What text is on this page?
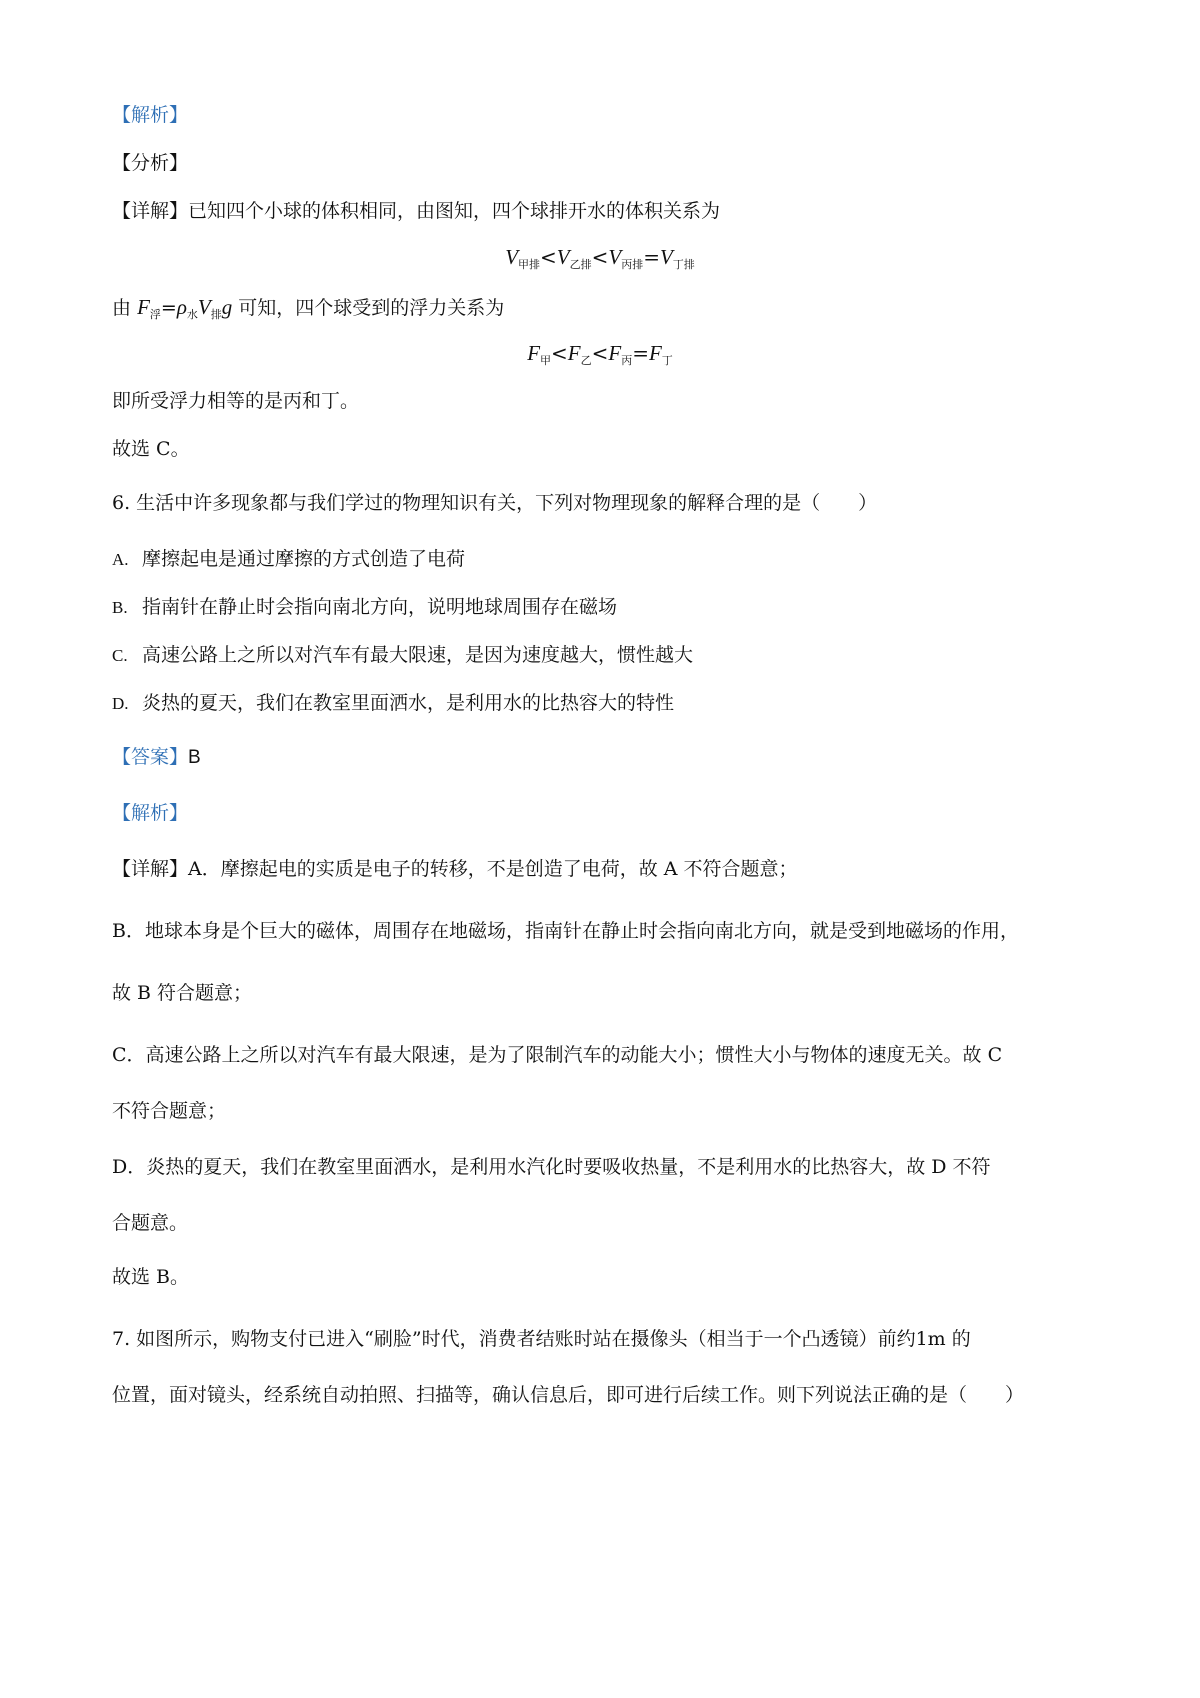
【解析】
【分析】
【详解】已知四个小球的体积相同，由图知，四个球排开水的体积关系为
$V_{甲排}<V_{乙排}<V_{丙排}=V_{丁排}$
由 $F_浮=\rho_水V_排g$ 可知，四个球受到的浮力关系为
$F_甲<F_乙<F_丙=F_丁$
即所受浮力相等的是丙和丁。
故选 C。
6. 生活中许多现象都与我们学过的物理知识有关，下列对物理现象的解释合理的是（　　）
A. 摩擦起电是通过摩擦的方式创造了电荷
B. 指南针在静止时会指向南北方向，说明地球周围存在磁场
C. 高速公路上之所以对汽车有最大限速，是因为速度越大，惯性越大
D. 炎热的夏天，我们在教室里面洒水，是利用水的比热容大的特性
【答案】B
【解析】
【详解】A．摩擦起电的实质是电子的转移，不是创造了电荷，故 A 不符合题意；
B．地球本身是个巨大的磁体，周围存在地磁场，指南针在静止时会指向南北方向，就是受到地磁场的作用，
故 B 符合题意；
C．高速公路上之所以对汽车有最大限速，是为了限制汽车的动能大小；惯性大小与物体的速度无关。故 C
不符合题意；
D．炎热的夏天，我们在教室里面洒水，是利用水汽化时要吸收热量，不是利用水的比热容大，故 D 不符
合题意。
故选 B。
7. 如图所示，购物支付已进入“刷脸”时代，消费者结账时站在摄像头（相当于一个凸透镜）前约1m 的
位置，面对镜头，经系统自动拍照、扫描等，确认信息后，即可进行后续工作。则下列说法正确的是（　　）
